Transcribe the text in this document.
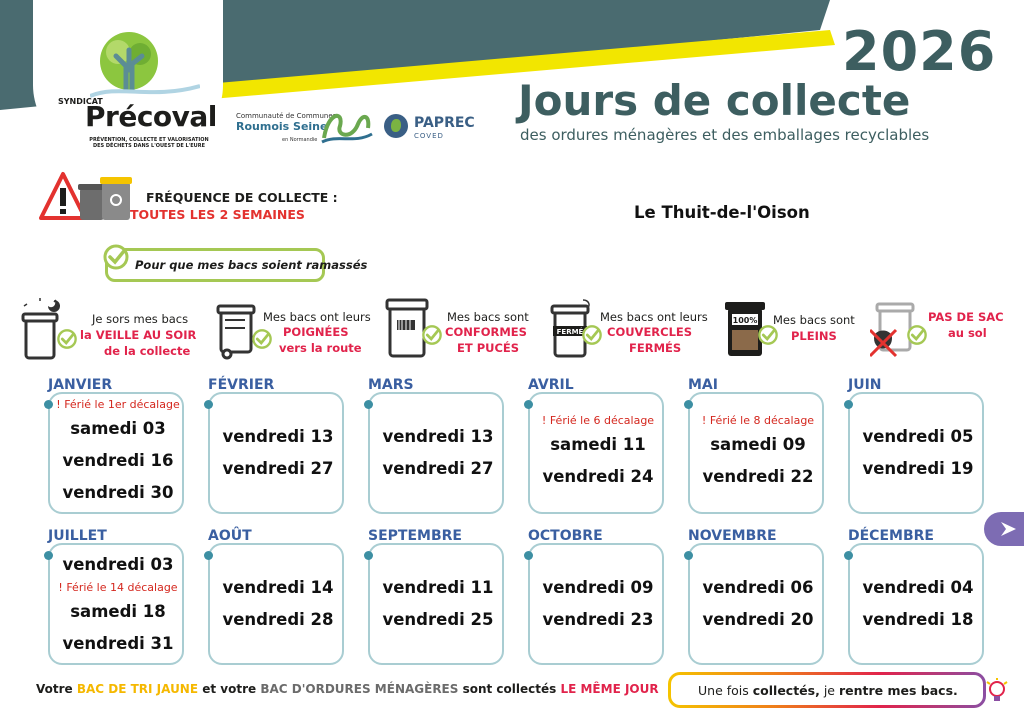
SYNDICAT
Précoval
PRÉVENTION, COLLECTE ET VALORISATION DES DÉCHETS DANS L'OUEST DE L'EURE
Communauté de Communes
Roumois Seine
en Normandie
PAPREC
COVED
2026
Jours de collecte
des ordures ménagères et des emballages recyclables
FRÉQUENCE DE COLLECTE :
TOUTES LES 2 SEMAINES	Le Thuit-de-l'Oison
Pour que mes bacs soient ramassés
Je sors mes bacs
la VEILLE AU SOIR
de la collecte
Mes bacs ont leurs
POIGNÉES
vers la route
Mes bacs sont
CONFORMES
ET PUCÉS
FERMÉ
Mes bacs ont leurs
COUVERCLES
FERMÉS
100% Mes bacs sont
PLEINS
PAS DE SAC
au sol
JANVIER
! Férié le 1er décalage
samedi 03
vendredi 16
vendredi 30
FÉVRIER
vendredi 13
vendredi 27
MARS
vendredi 13
vendredi 27
AVRIL
! Férié le 6 décalage
samedi 11
vendredi 24
MAI
! Férié le 8 décalage
samedi 09
vendredi 22
JUIN
vendredi 05
vendredi 19
JUILLET
vendredi 03
! Férié le 14 décalage
samedi 18
vendredi 31
AOÛT
vendredi 14
vendredi 28
SEPTEMBRE
vendredi 11
vendredi 25
OCTOBRE
vendredi 09
vendredi 23
NOVEMBRE
vendredi 06
vendredi 20
DÉCEMBRE
vendredi 04
vendredi 18
Votre BAC DE TRI JAUNE et votre BAC D'ORDURES MÉNAGÈRES sont collectés LE MÊME JOUR	Une fois collectés, je rentre mes bacs.
